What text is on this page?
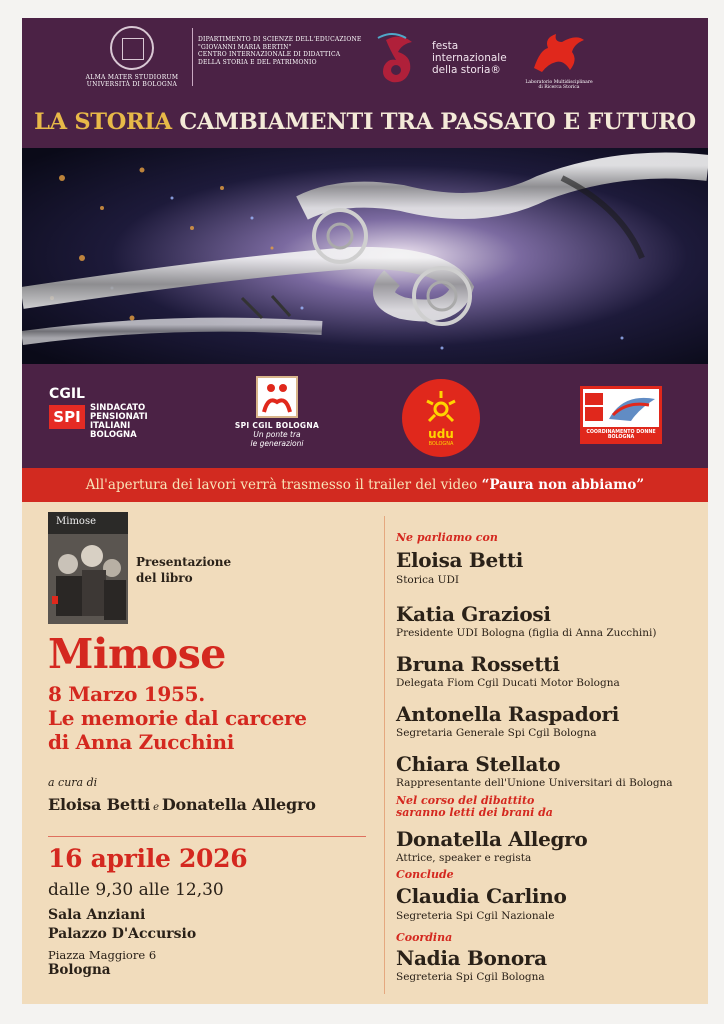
ALMA MATER STUDIORUM
UNIVERSITÀ DI BOLOGNA
DIPARTIMENTO DI SCIENZE DELL'EDUCAZIONE
"GIOVANNI MARIA BERTIN"
CENTRO INTERNAZIONALE DI DIDATTICA
DELLA STORIA E DEL PATRIMONIO
festa
internazionale
della storia®
Laboratorio Multidisciplinare
di Ricerca Storica
LA STORIA CAMBIAMENTI TRA PASSATO E FUTURO
CGIL
SPI	SINDACATO
PENSIONATI
ITALIANI
BOLOGNA
SPI CGIL BOLOGNA
Un ponte tra
le generazioni
udu
BOLOGNA
COORDINAMENTO DONNE BOLOGNA
All'apertura dei lavori verrà trasmesso il trailer del video “Paura non abbiamo”
Mimose
Presentazione
del libro
Mimose
8 Marzo 1955.
Le memorie dal carcere
di Anna Zucchini
a cura di
Eloisa Betti e Donatella Allegro
16 aprile 2026
dalle 9,30 alle 12,30
Sala Anziani
Palazzo D'Accursio
Piazza Maggiore 6
Bologna
Ne parliamo con
Eloisa Betti
Storica UDI
Katia Graziosi
Presidente UDI Bologna (figlia di Anna Zucchini)
Bruna Rossetti
Delegata Fiom Cgil Ducati Motor Bologna
Antonella Raspadori
Segretaria Generale Spi Cgil Bologna
Chiara Stellato
Rappresentante dell'Unione Universitari di Bologna
Nel corso del dibattito
saranno letti dei brani da
Donatella Allegro
Attrice, speaker e regista
Conclude
Claudia Carlino
Segreteria Spi Cgil Nazionale
Coordina
Nadia Bonora
Segreteria Spi Cgil Bologna
